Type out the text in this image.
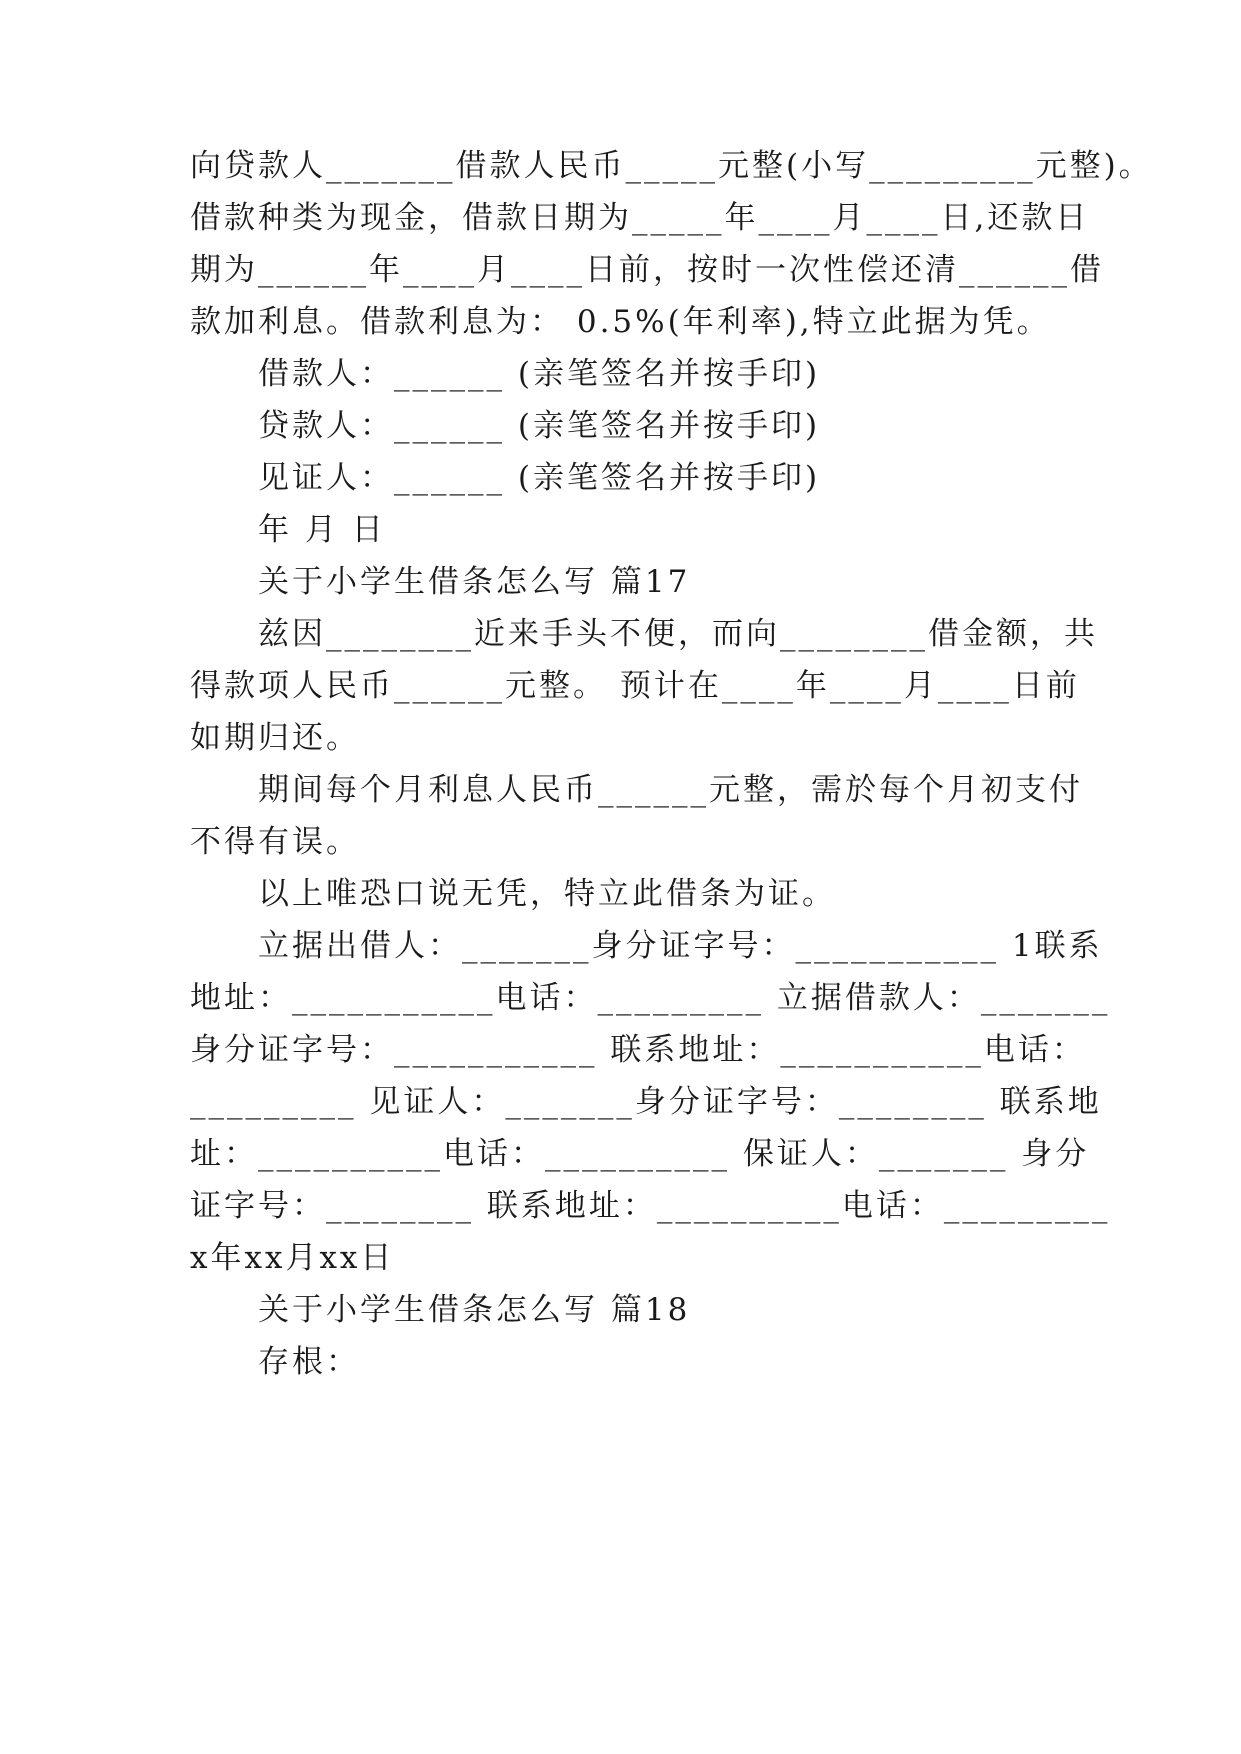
向贷款人_______借款人民币_____元整(小写_________元整)。
借款种类为现金，借款日期为_____年____月____日,还款日
期为______年____月____日前，按时一次性偿还清______借
款加利息。借款利息为： 0.5%(年利率),特立此据为凭。
借款人：______ (亲笔签名并按手印)
贷款人：______ (亲笔签名并按手印)
见证人：______ (亲笔签名并按手印)
年 月 日
关于小学生借条怎么写 篇17
兹因________近来手头不便，而向________借金额，共
得款项人民币______元整。 预计在____年____月____日前
如期归还。
期间每个月利息人民币______元整，需於每个月初支付
不得有误。
以上唯恐口说无凭，特立此借条为证。
立据出借人：_______身分证字号：___________ 1联系
地址：___________电话：_________ 立据借款人：_______
身分证字号：___________ 联系地址：___________电话：
_________ 见证人：_______身分证字号：________ 联系地
址：__________电话：__________ 保证人：_______ 身分
证字号：________ 联系地址：__________电话：_________
x年xx月xx日
关于小学生借条怎么写 篇18
存根：
